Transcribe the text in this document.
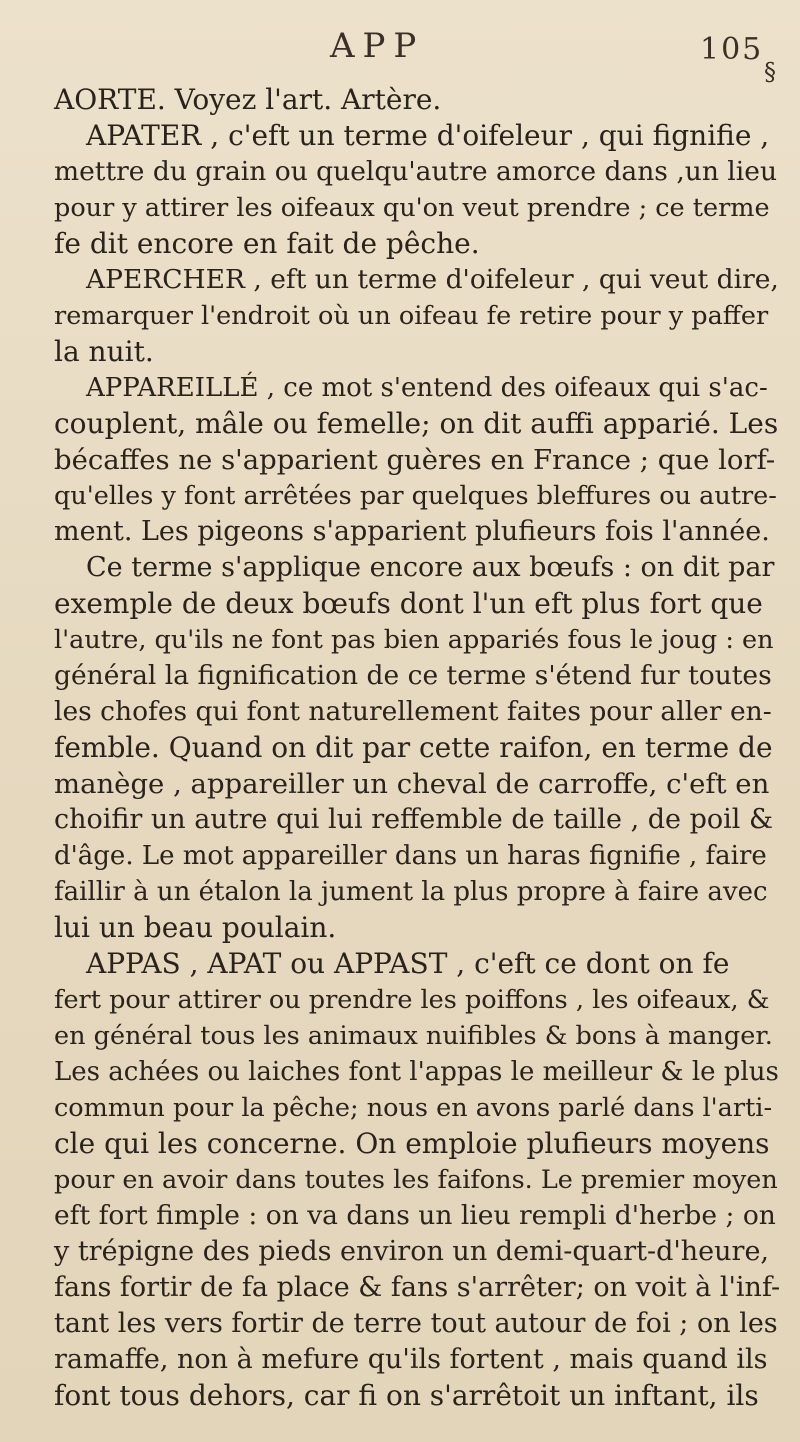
APP	105
§
AORTE. Voyez l'art. Artère.
APATER , c'eft un terme d'oifeleur , qui fignifie ,
mettre du grain ou quelqu'autre amorce dans ,un lieu
pour y attirer les oifeaux qu'on veut prendre ; ce terme
fe dit encore en fait de pêche.
APERCHER , eft un terme d'oifeleur , qui veut dire,
remarquer l'endroit où un oifeau fe retire pour y paffer
la nuit.
APPAREILLÉ , ce mot s'entend des oifeaux qui s'ac-
couplent, mâle ou femelle; on dit auffi apparié. Les
bécaffes ne s'apparient guères en France ; que lorf-
qu'elles y font arrêtées par quelques bleffures ou autre-
ment. Les pigeons s'apparient plufieurs fois l'année.
Ce terme s'applique encore aux bœufs : on dit par
exemple de deux bœufs dont l'un eft plus fort que
l'autre, qu'ils ne font pas bien appariés fous le joug : en
général la fignification de ce terme s'étend fur toutes
les chofes qui font naturellement faites pour aller en-
femble. Quand on dit par cette raifon, en terme de
manège , appareiller un cheval de carroffe, c'eft en
choifir un autre qui lui reffemble de taille , de poil &
d'âge. Le mot appareiller dans un haras fignifie , faire
faillir à un étalon la jument la plus propre à faire avec
lui un beau poulain.
APPAS , APAT ou APPAST , c'eft ce dont on fe
fert pour attirer ou prendre les poiffons , les oifeaux, &
en général tous les animaux nuifibles & bons à manger.
Les achées ou laiches font l'appas le meilleur & le plus
commun pour la pêche; nous en avons parlé dans l'arti-
cle qui les concerne. On emploie plufieurs moyens
pour en avoir dans toutes les faifons. Le premier moyen
eft fort fimple : on va dans un lieu rempli d'herbe ; on
y trépigne des pieds environ un demi-quart-d'heure,
fans fortir de fa place & fans s'arrêter; on voit à l'inf-
tant les vers fortir de terre tout autour de foi ; on les
ramaffe, non à mefure qu'ils fortent , mais quand ils
font tous dehors, car fi on s'arrêtoit un inftant, ils
